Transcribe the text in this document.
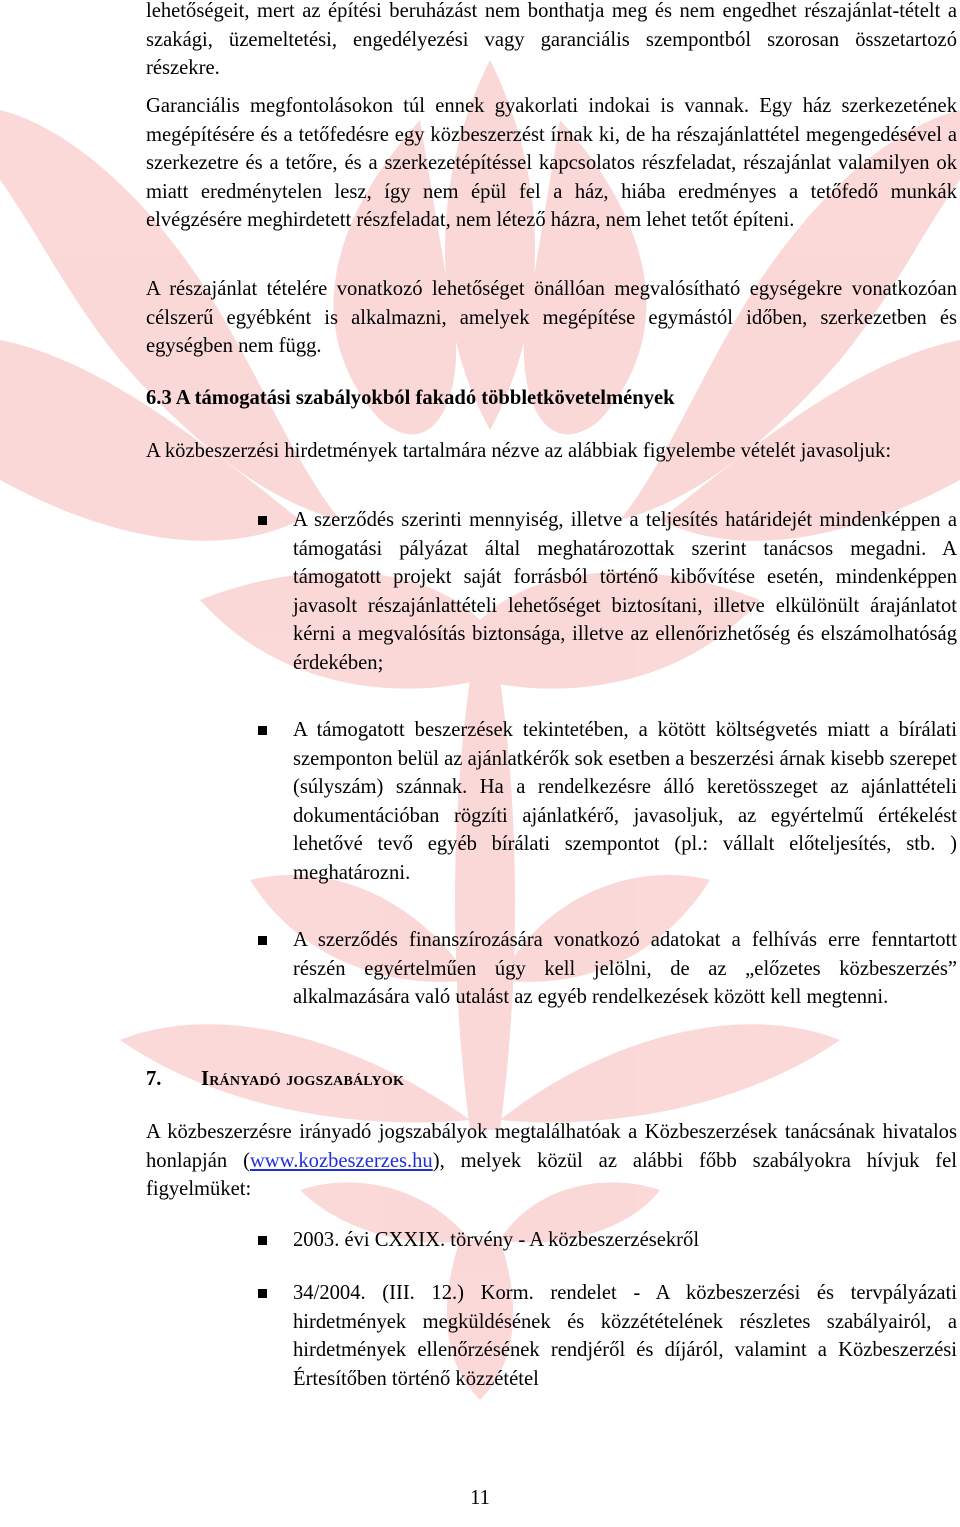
lehetőségeit, mert az építési beruházást nem bonthatja meg és nem engedhet részajánlat-tételt a szakági, üzemeltetési, engedélyezési vagy garanciális szempontból szorosan összetartozó részekre.

Garanciális megfontolásokon túl ennek gyakorlati indokai is vannak. Egy ház szerkezetének megépítésére és a tetőfedésre egy közbeszerzést írnak ki, de ha részajánlattétel megengedésével a szerkezetre és a tetőre, és a szerkezetépítéssel kapcsolatos részfeladat, részajánlat valamilyen ok miatt eredménytelen lesz, így nem épül fel a ház, hiába eredményes a tetőfedő munkák elvégzésére meghirdetett részfeladat, nem létező házra, nem lehet tetőt építeni.

A részajánlat tételére vonatkozó lehetőséget önállóan megvalósítható egységekre vonatkozóan célszerű egyébként is alkalmazni, amelyek megépítése egymástól időben, szerkezetben és egységben nem függ.

6.3 A támogatási szabályokból fakadó többletkövetelmények

A közbeszerzési hirdetmények tartalmára nézve az alábbiak figyelembe vételét javasoljuk:

A szerződés szerinti mennyiség, illetve a teljesítés határidejét mindenképpen a támogatási pályázat által meghatározottak szerint tanácsos megadni. A támogatott projekt saját forrásból történő kibővítése esetén, mindenképpen javasolt részajánlattételi lehetőséget biztosítani, illetve elkülönült árajánlatot kérni a megvalósítás biztonsága, illetve az ellenőrizhetőség és elszámolhatóság érdekében;

A támogatott beszerzések tekintetében, a kötött költségvetés miatt a bírálati szemponton belül az ajánlatkérők sok esetben a beszerzési árnak kisebb szerepet (súlyszám) szánnak. Ha a rendelkezésre álló keretösszeget az ajánlattételi dokumentációban rögzíti ajánlatkérő, javasoljuk, az egyértelmű értékelést lehetővé tevő egyéb bírálati szempontot (pl.: vállalt előteljesítés, stb. ) meghatározni.

A szerződés finanszírozására vonatkozó adatokat a felhívás erre fenntartott részén egyértelműen úgy kell jelölni, de az „előzetes közbeszerzés” alkalmazására való utalást az egyéb rendelkezések között kell megtenni.

7.	Irányadó jogszabályok

A közbeszerzésre irányadó jogszabályok megtalálhatóak a Közbeszerzések tanácsának hivatalos honlapján (www.kozbeszerzes.hu), melyek közül az alábbi főbb szabályokra hívjuk fel figyelmüket:

2003. évi CXXIX. törvény - A közbeszerzésekről

34/2004. (III. 12.) Korm. rendelet - A közbeszerzési és tervpályázati hirdetmények megküldésének és közzétételének részletes szabályairól, a hirdetmények ellenőrzésének rendjéről és díjáról, valamint a Közbeszerzési Értesítőben történő közzététel

11
